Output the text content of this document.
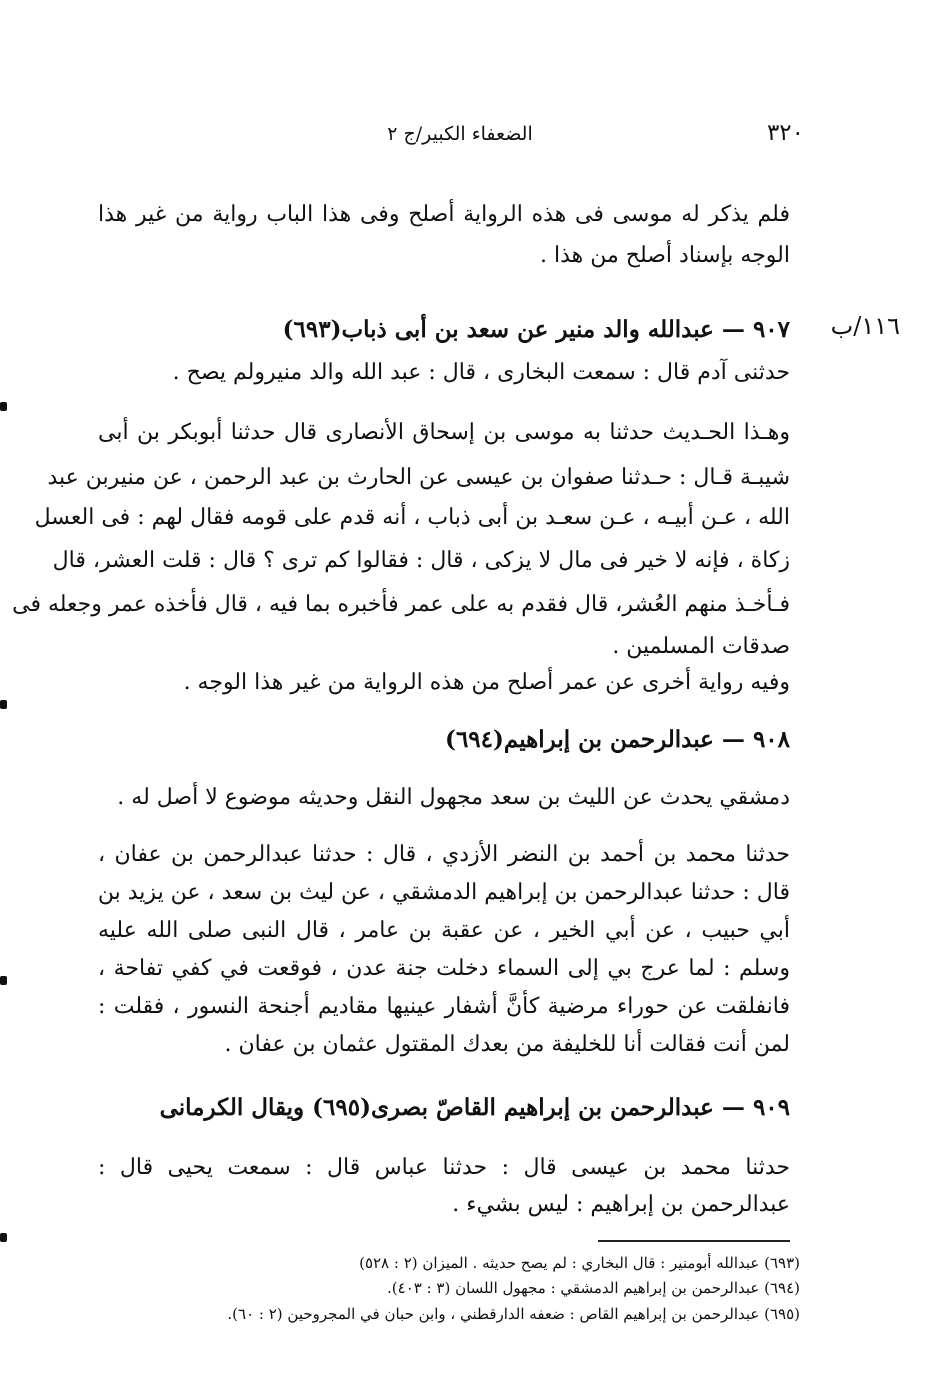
٣٢٠
الضعفاء الكبير/ج ٢
١١٦/ب

فلم يذكر له موسى فى هذه الرواية أصلح وفى هذا الباب رواية من غير هذا

الوجه بإسناد أصلح من هذا .

٩٠٧ — عبدالله والد منير عن سعد بن أبى ذباب(٦٩٣)

حدثنى آدم قال : سمعت البخارى ، قال : عبد الله والد منيرولم يصح .

وهـذا الحـديث حدثنا به موسى بن إسحاق الأنصارى قال حدثنا أبوبكر بن أبى

شيبـة قـال : حـدثنا صفوان بن عيسى عن الحارث بن عبد الرحمن ، عن منيربن عبد

الله ، عـن أبيـه ، عـن سعـد بن أبى ذباب ، أنه قدم على قومه فقال لهم : فى العسل

زكاة ، فإنه لا خير فى مال لا يزكى ، قال : فقالوا كم ترى ؟ قال : قلت العشر، قال

فـأخـذ منهم العُشر، قال فقدم به على عمر فأخبره بما فيه ، قال فأخذه عمر وجعله فى

صدقات المسلمين .

وفيه رواية أخرى عن عمر أصلح من هذه الرواية من غير هذا الوجه .

٩٠٨ — عبدالرحمن بن إبراهيم(٦٩٤)

دمشقي يحدث عن الليث بن سعد مجهول النقل وحديثه موضوع لا أصل له .

حدثنا محمد بن أحمد بن النضر الأزدي ، قال : حدثنا عبدالرحمن بن عفان ،

قال : حدثنا عبدالرحمن بن إبراهيم الدمشقي ، عن ليث بن سعد ، عن يزيد بن

أبي حبيب ، عن أبي الخير ، عن عقبة بن عامر ، قال النبى صلى الله عليه

وسلم : لما عرج بي إلى السماء دخلت جنة عدن ، فوقعت في كفي تفاحة ،

فانفلقت عن حوراء مرضية كأنَّ أشفار عينيها مقاديم أجنحة النسور ، فقلت :

لمن أنت فقالت أنا للخليفة من بعدك المقتول عثمان بن عفان .

٩٠٩ — عبدالرحمن بن إبراهيم القاصّ بصرى(٦٩٥) ويقال الكرمانى

حدثنا محمد بن عيسى قال : حدثنا عباس قال : سمعت يحيى قال :

عبدالرحمن بن إبراهيم : ليس بشيء .

(٦٩٣) عبدالله أبومنير : قال البخاري : لم يصح حديثه . الميزان (٢ : ٥٢٨)

(٦٩٤) عبدالرحمن بن إبراهيم الدمشقي : مجهول اللسان (٣ : ٤٠٣).

(٦٩٥) عبدالرحمن بن إبراهيم القاص : ضعفه الدارقطني ، وابن حبان في المجروحين (٢ : ٦٠).
